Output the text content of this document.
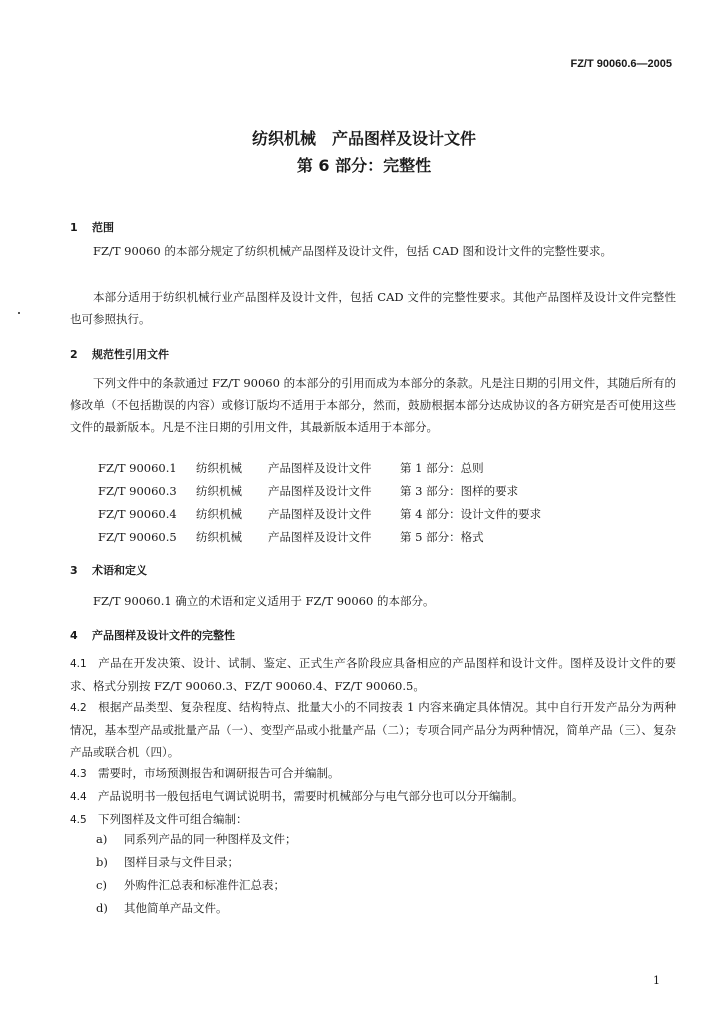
FZ/T 90060.6—2005
纺织机械　产品图样及设计文件
第 6 部分：完整性
1 范围
FZ/T 90060 的本部分规定了纺织机械产品图样及设计文件，包括 CAD 图和设计文件的完整性要求。
本部分适用于纺织机械行业产品图样及设计文件，包括 CAD 文件的完整性要求。其他产品图样及设计文件完整性也可参照执行。
2 规范性引用文件
下列文件中的条款通过 FZ/T 90060 的本部分的引用而成为本部分的条款。凡是注日期的引用文件，其随后所有的修改单（不包括勘误的内容）或修订版均不适用于本部分，然而，鼓励根据本部分达成协议的各方研究是否可使用这些文件的最新版本。凡是不注日期的引用文件，其最新版本适用于本部分。
FZ/T 90060.1 纺织机械 产品图样及设计文件 第 1 部分：总则
FZ/T 90060.3 纺织机械 产品图样及设计文件 第 3 部分：图样的要求
FZ/T 90060.4 纺织机械 产品图样及设计文件 第 4 部分：设计文件的要求
FZ/T 90060.5 纺织机械 产品图样及设计文件 第 5 部分：格式
3 术语和定义
FZ/T 90060.1 确立的术语和定义适用于 FZ/T 90060 的本部分。
4 产品图样及设计文件的完整性
4.1 产品在开发决策、设计、试制、鉴定、正式生产各阶段应具备相应的产品图样和设计文件。图样及设计文件的要求、格式分别按 FZ/T 90060.3、FZ/T 90060.4、FZ/T 90060.5。
4.2 根据产品类型、复杂程度、结构特点、批量大小的不同按表 1 内容来确定具体情况。其中自行开发产品分为两种情况，基本型产品或批量产品（一）、变型产品或小批量产品（二）；专项合同产品分为两种情况，简单产品（三）、复杂产品或联合机（四）。
4.3 需要时，市场预测报告和调研报告可合并编制。
4.4 产品说明书一般包括电气调试说明书，需要时机械部分与电气部分也可以分开编制。
4.5 下列图样及文件可组合编制：
a) 同系列产品的同一种图样及文件；
b) 图样目录与文件目录；
c) 外购件汇总表和标准件汇总表；
d) 其他简单产品文件。
1
